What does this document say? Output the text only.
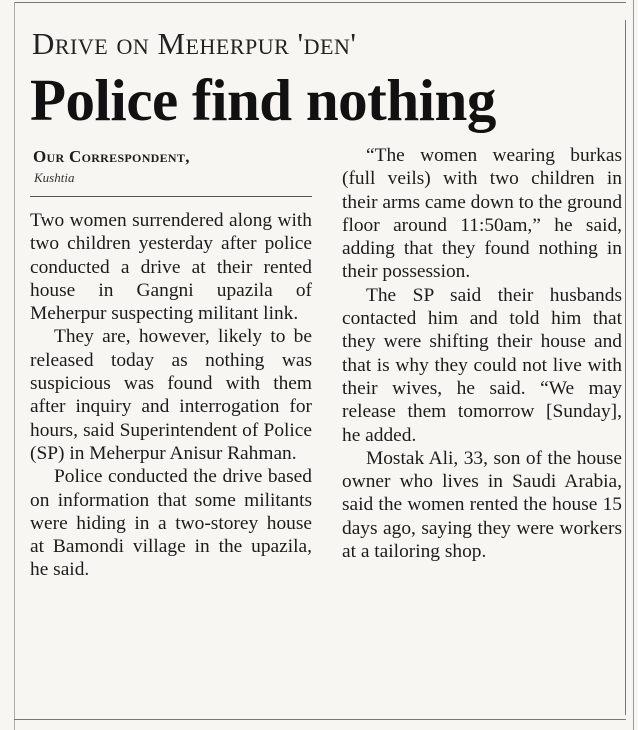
Drive on Meherpur 'den'
Police find nothing
Our Correspondent,
Kushtia

Two women surrendered along with two children yesterday after police conducted a drive at their rented house in Gangni upazila of Meherpur suspecting militant link.

They are, however, likely to be released today as nothing was suspicious was found with them after inquiry and interrogation for hours, said Superintendent of Police (SP) in Meherpur Anisur Rahman.

Police conducted the drive based on information that some militants were hiding in a two-storey house at Bamondi village in the upazila, he said.

“The women wearing burkas (full veils) with two children in their arms came down to the ground floor around 11:50am,” he said, adding that they found nothing in their possession.

The SP said their husbands contacted him and told him that they were shifting their house and that is why they could not live with their wives, he said. “We may release them tomorrow [Sunday], he added.

Mostak Ali, 33, son of the house owner who lives in Saudi Arabia, said the women rented the house 15 days ago, saying they were workers at a tailoring shop.
